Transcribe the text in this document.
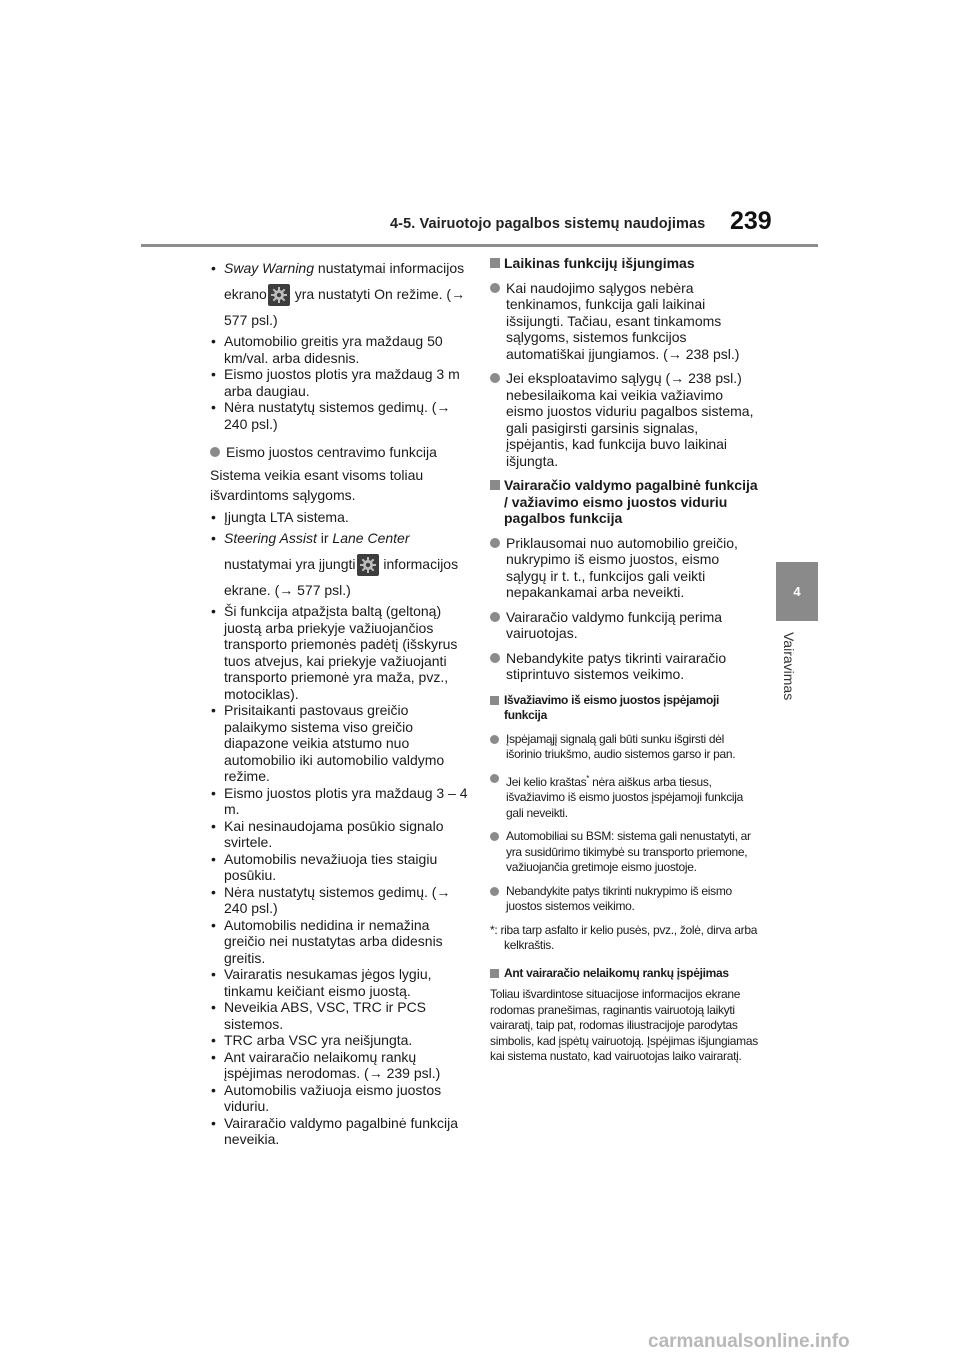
4-5. Vairuotojo pagalbos sistemų naudojimas 239
4
Vairavimas
• Sway Warning nustatymai informacijos ekrano
yra nustatyti On režime. (→ 577 psl.)
• Automobilio greitis yra maždaug 50 km/val. arba didesnis.
• Eismo juostos plotis yra maždaug 3 m arba daugiau.
• Nėra nustatytų sistemos gedimų. (→ 240 psl.)
Eismo juostos centravimo funkcija
Sistema veikia esant visoms toliau išvardintoms sąlygoms.
• Įjungta LTA sistema.
• Steering Assist ir Lane Center nustatymai yra įjungti
informacijos ekrane. (→ 577 psl.)
• Ši funkcija atpažįsta baltą (geltoną) juostą arba priekyje važiuojančios transporto priemonės padėtį (išskyrus tuos atvejus, kai priekyje važiuojanti transporto priemonė yra maža, pvz., motociklas).
• Prisitaikanti pastovaus greičio palaikymo sistema viso greičio diapazone veikia atstumo nuo automobilio iki automobilio valdymo režime.
• Eismo juostos plotis yra maždaug 3 – 4 m.
• Kai nesinaudojama posūkio signalo svirtele.
• Automobilis nevažiuoja ties staigiu posūkiu.
• Nėra nustatytų sistemos gedimų. (→ 240 psl.)
• Automobilis nedidina ir nemažina greičio nei nustatytas arba didesnis greitis.
• Vairaratis nesukamas jėgos lygiu, tinkamu keičiant eismo juostą.
• Neveikia ABS, VSC, TRC ir PCS sistemos.
• TRC arba VSC yra neišjungta.
• Ant vairaračio nelaikomų rankų įspėjimas nerodomas. (→ 239 psl.)
• Automobilis važiuoja eismo juostos viduriu.
• Vairaračio valdymo pagalbinė funkcija neveikia.
Laikinas funkcijų išjungimas
Kai naudojimo sąlygos nebėra tenkinamos, funkcija gali laikinai išsijungti. Tačiau, esant tinkamoms sąlygoms, sistemos funkcijos automatiškai įjungiamos. (→ 238 psl.)
Jei eksploatavimo sąlygų (→ 238 psl.) nebesilaikoma kai veikia važiavimo eismo juostos viduriu pagalbos sistema, gali pasigirsti garsinis signalas, įspėjantis, kad funkcija buvo laikinai išjungta.
Vairaračio valdymo pagalbinė funkcija / važiavimo eismo juostos viduriu pagalbos funkcija
Priklausomai nuo automobilio greičio, nukrypimo iš eismo juostos, eismo sąlygų ir t. t., funkcijos gali veikti nepakankamai arba neveikti.
Vairaračio valdymo funkciją perima vairuotojas.
Nebandykite patys tikrinti vairaračio stiprintuvo sistemos veikimo.
Išvažiavimo iš eismo juostos įspėjamoji funkcija
Įspėjamąjį signalą gali būti sunku išgirsti dėl išorinio triukšmo, audio sistemos garso ir pan.
Jei kelio kraštas* nėra aiškus arba tiesus, išvažiavimo iš eismo juostos įspėjamoji funkcija gali neveikti.
Automobiliai su BSM: sistema gali nenustatyti, ar yra susidūrimo tikimybė su transporto priemone, važiuojančia gretimoje eismo juostoje.
Nebandykite patys tikrinti nukrypimo iš eismo juostos sistemos veikimo.
*: riba tarp asfalto ir kelio pusės, pvz., žolė, dirva arba kelkraštis.
Ant vairaračio nelaikomų rankų įspėjimas
Toliau išvardintose situacijose informacijos ekrane rodomas pranešimas, raginantis vairuotoją laikyti vairaratį, taip pat, rodomas iliustracijoje parodytas simbolis, kad įspėtų vairuotoją. Įspėjimas išjungiamas kai sistema nustato, kad vairuotojas laiko vairaratį.
carmanualsonline.info
